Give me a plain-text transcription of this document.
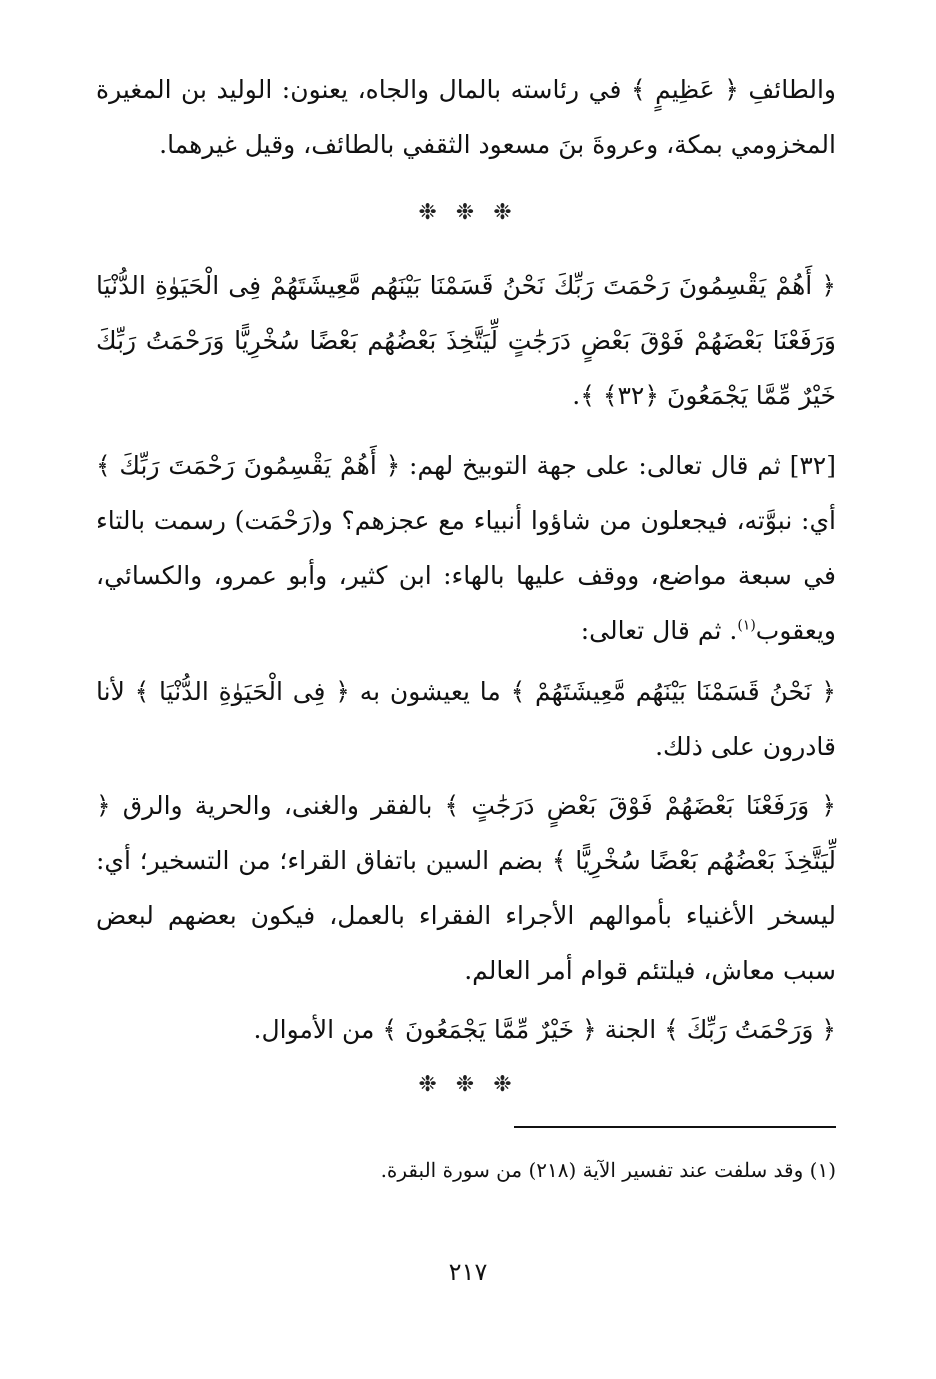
والطائفِ ﴿ عَظِيمٍ ﴾ في رئاسته بالمال والجاه، يعنون: الوليد بن المغيرة المخزومي بمكة، وعروةَ بنَ مسعود الثقفي بالطائف، وقيل غيرهما.

❉ ❉ ❉

﴿ أَهُمْ يَقْسِمُونَ رَحْمَتَ رَبِّكَ نَحْنُ قَسَمْنَا بَيْنَهُم مَّعِيشَتَهُمْ فِى الْحَيَوٰةِ الدُّنْيَا وَرَفَعْنَا بَعْضَهُمْ فَوْقَ بَعْضٍ دَرَجَٰتٍ لِّيَتَّخِذَ بَعْضُهُم بَعْضًا سُخْرِيًّا وَرَحْمَتُ رَبِّكَ خَيْرٌ مِّمَّا يَجْمَعُونَ ﴿٣٢﴾ ﴾.

[٣٢] ثم قال تعالى: على جهة التوبيخ لهم: ﴿ أَهُمْ يَقْسِمُونَ رَحْمَتَ رَبِّكَ ﴾ أي: نبوَّته، فيجعلون من شاؤوا أنبياء مع عجزهم؟ و(رَحْمَت) رسمت بالتاء في سبعة مواضع، ووقف عليها بالهاء: ابن كثير، وأبو عمرو، والكسائي، ويعقوب$^{(١)}$. ثم قال تعالى:

﴿ نَحْنُ قَسَمْنَا بَيْنَهُم مَّعِيشَتَهُمْ ﴾ ما يعيشون به ﴿ فِى الْحَيَوٰةِ الدُّنْيَا ﴾ لأنا قادرون على ذلك.

﴿ وَرَفَعْنَا بَعْضَهُمْ فَوْقَ بَعْضٍ دَرَجَٰتٍ ﴾ بالفقر والغنى، والحرية والرق ﴿ لِّيَتَّخِذَ بَعْضُهُم بَعْضًا سُخْرِيًّا ﴾ بضم السين باتفاق القراء؛ من التسخير؛ أي: ليسخر الأغنياء بأموالهم الأجراء الفقراء بالعمل، فيكون بعضهم لبعض سبب معاش، فيلتئم قوام أمر العالم.

﴿ وَرَحْمَتُ رَبِّكَ ﴾ الجنة ﴿ خَيْرٌ مِّمَّا يَجْمَعُونَ ﴾ من الأموال.

❉ ❉ ❉

(١) وقد سلفت عند تفسير الآية (٢١٨) من سورة البقرة.

٢١٧
